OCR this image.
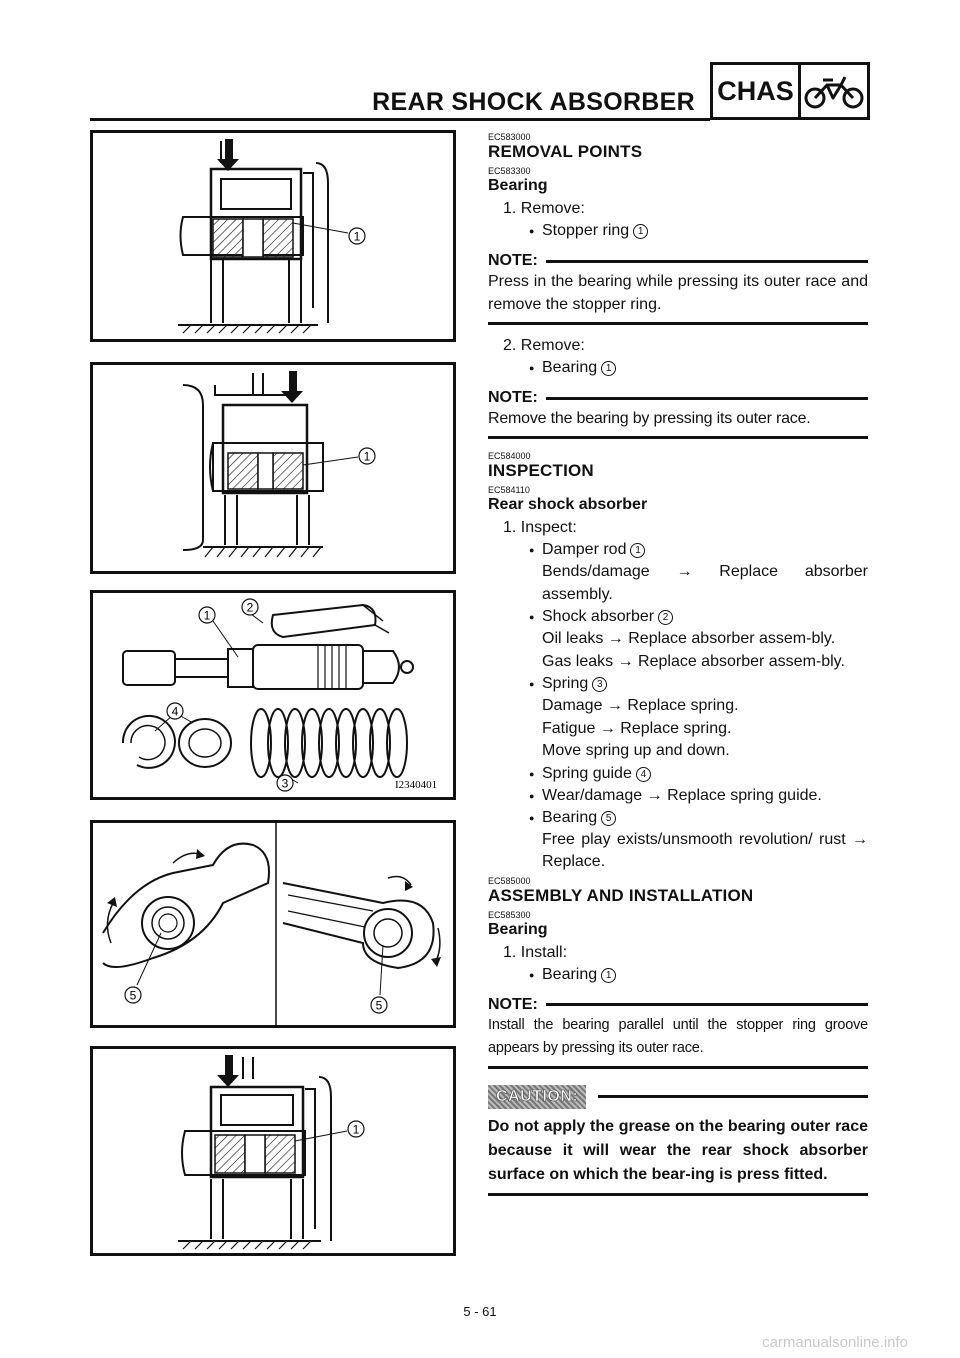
REAR SHOCK ABSORBER CHAS
1
1
1
2
4
3	I2340401
5
5
1
EC583000
REMOVAL POINTS
EC583300
Bearing
1. Remove:
● Stopper ring 1
NOTE:
Press in the bearing while pressing its outer race and remove the stopper ring.
2. Remove:
● Bearing 1
NOTE:
Remove the bearing by pressing its outer race.
EC584000
INSPECTION
EC584110
Rear shock absorber
1. Inspect:
● Damper rod 1
Bends/damage → Replace absorber assembly.
● Shock absorber 2
Oil leaks → Replace absorber assem-bly.
Gas leaks → Replace absorber assem-bly.
● Spring 3
Damage → Replace spring.
Fatigue → Replace spring.
Move spring up and down.
● Spring guide 4
● Wear/damage → Replace spring guide.
● Bearing 5
Free play exists/unsmooth revolution/ rust → Replace.
EC585000
ASSEMBLY AND INSTALLATION
EC585300
Bearing
1. Install:
● Bearing 1
NOTE:
Install the bearing parallel until the stopper ring groove appears by pressing its outer race.
CAUTION:
Do not apply the grease on the bearing outer race because it will wear the rear shock absorber surface on which the bear-ing is press fitted.
5 - 61
carmanualsonline.info
